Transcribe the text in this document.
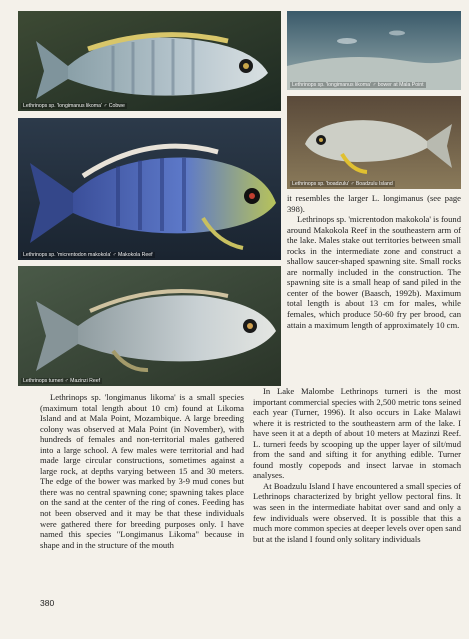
Lethrinops sp. 'longimanus likoma' ♂ Cobwe
Lethrinops sp. 'micrentodon makokola' ♂ Makokola Reef
Lethrinops turneri ♂ Mazinzi Reef
Lethrinops sp. 'longimanus likoma' ♂ bower at Mala Point
Lethrinops sp. 'boadzulu' ♂ Boadzulu Island

it resembles the larger L. longimanus (see page 398).

Lethrinops sp. 'micrentodon makokola' is found around Makokola Reef in the southeastern arm of the lake. Males stake out territories between small rocks in the intermediate zone and construct a shallow saucer-shaped spawning site. Small rocks are normally included in the construction. The spawning site is a small heap of sand piled in the center of the bower (Baasch, 1992b). Maximum total length is about 13 cm for males, while females, which produce 50-60 fry per brood, can attain a maximum length of approximately 10 cm.

In Lake Malombe Lethrinops turneri is the most important commercial species with 2,500 metric tons seined each year (Turner, 1996). It also occurs in Lake Malawi where it is restricted to the southeastern arm of the lake. I have seen it at a depth of about 10 meters at Mazinzi Reef. L. turneri feeds by scooping up the upper layer of silt/mud from the sand and sifting it for anything edible. Turner found mostly copepods and insect larvae in stomach analyses.

At Boadzulu Island I have encountered a small species of Lethrinops characterized by bright yellow pectoral fins. It was seen in the intermediate habitat over sand and only a few individuals were observed. It is possible that this a much more common species at deeper levels over open sand but at the island I found only solitary individuals

Lethrinops sp. 'longimanus likoma' is a small species (maximum total length about 10 cm) found at Likoma Island and at Mala Point, Mozambique. A large breeding colony was observed at Mala Point (in November), with hundreds of females and non-territorial males gathered into a large school. A few males were territorial and had made large circular constructions, sometimes against a large rock, at depths varying between 15 and 30 meters. The edge of the bower was marked by 3-9 mud cones but there was no central spawning cone; spawning takes place on the sand at the center of the ring of cones. Feeding has not been observed and it may be that these individuals were gathered there for breeding purposes only. I have named this species "Longimanus Likoma" because in shape and in the structure of the mouth

380
